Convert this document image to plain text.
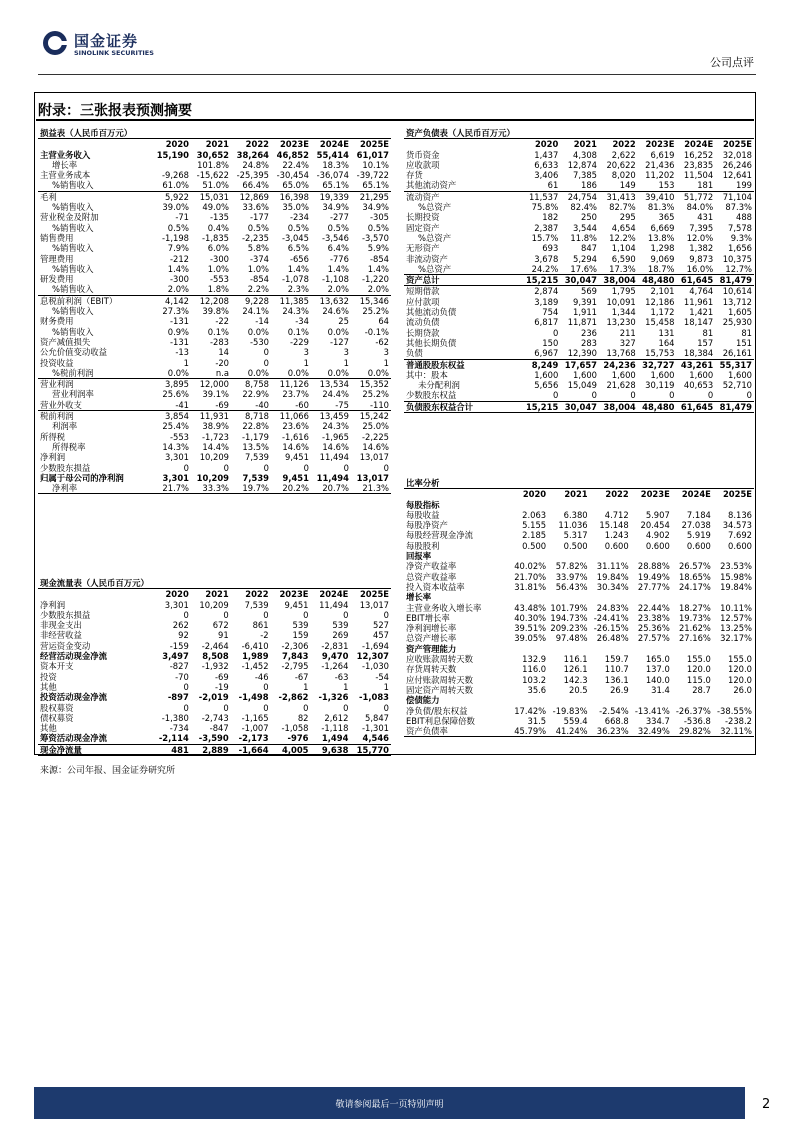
国金证券
SINOLINK SECURITIES
公司点评
附录：三张报表预测摘要
损益表（人民币百万元）						
	2020	2021	2022	2023E	2024E	2025E
主营业务收入	15,190	30,652	38,264	46,852	55,414	61,017
增长率		101.8%	24.8%	22.4%	18.3%	10.1%
主营业务成本	-9,268	-15,622	-25,395	-30,454	-36,074	-39,722
%销售收入	61.0%	51.0%	66.4%	65.0%	65.1%	65.1%
毛利	5,922	15,031	12,869	16,398	19,339	21,295
%销售收入	39.0%	49.0%	33.6%	35.0%	34.9%	34.9%
营业税金及附加	-71	-135	-177	-234	-277	-305
%销售收入	0.5%	0.4%	0.5%	0.5%	0.5%	0.5%
销售费用	-1,198	-1,835	-2,235	-3,045	-3,546	-3,570
%销售收入	7.9%	6.0%	5.8%	6.5%	6.4%	5.9%
管理费用	-212	-300	-374	-656	-776	-854
%销售收入	1.4%	1.0%	1.0%	1.4%	1.4%	1.4%
研发费用	-300	-553	-854	-1,078	-1,108	-1,220
%销售收入	2.0%	1.8%	2.2%	2.3%	2.0%	2.0%
息税前利润（EBIT）	4,142	12,208	9,228	11,385	13,632	15,346
%销售收入	27.3%	39.8%	24.1%	24.3%	24.6%	25.2%
财务费用	-131	-22	-14	-34	25	64
%销售收入	0.9%	0.1%	0.0%	0.1%	0.0%	-0.1%
资产减值损失	-131	-283	-530	-229	-127	-62
公允价值变动收益	-13	14	0	3	3	3
投资收益	1	-20	0	1	1	1
%税前利润	0.0%	n.a	0.0%	0.0%	0.0%	0.0%
营业利润	3,895	12,000	8,758	11,126	13,534	15,352
营业利润率	25.6%	39.1%	22.9%	23.7%	24.4%	25.2%
营业外收支	-41	-69	-40	-60	-75	-110
税前利润	3,854	11,931	8,718	11,066	13,459	15,242
利润率	25.4%	38.9%	22.8%	23.6%	24.3%	25.0%
所得税	-553	-1,723	-1,179	-1,616	-1,965	-2,225
所得税率	14.3%	14.4%	13.5%	14.6%	14.6%	14.6%
净利润	3,301	10,209	7,539	9,451	11,494	13,017
少数股东损益	0	0	0	0	0	0
归属于母公司的净利润	3,301	10,209	7,539	9,451	11,494	13,017
净利率	21.7%	33.3%	19.7%	20.2%	20.7%	21.3%
资产负债表（人民币百万元）						
	2020	2021	2022	2023E	2024E	2025E
货币资金	1,437	4,308	2,622	6,619	16,252	32,018
应收款项	6,633	12,874	20,622	21,436	23,835	26,246
存货	3,406	7,385	8,020	11,202	11,504	12,641
其他流动资产	61	186	149	153	181	199
流动资产	11,537	24,754	31,413	39,410	51,772	71,104
%总资产	75.8%	82.4%	82.7%	81.3%	84.0%	87.3%
长期投资	182	250	295	365	431	488
固定资产	2,387	3,544	4,654	6,669	7,395	7,578
%总资产	15.7%	11.8%	12.2%	13.8%	12.0%	9.3%
无形资产	693	847	1,104	1,298	1,382	1,656
非流动资产	3,678	5,294	6,590	9,069	9,873	10,375
%总资产	24.2%	17.6%	17.3%	18.7%	16.0%	12.7%
资产总计	15,215	30,047	38,004	48,480	61,645	81,479
短期借款	2,874	569	1,795	2,101	4,764	10,614
应付款项	3,189	9,391	10,091	12,186	11,961	13,712
其他流动负债	754	1,911	1,344	1,172	1,421	1,605
流动负债	6,817	11,871	13,230	15,458	18,147	25,930
长期贷款	0	236	211	131	81	81
其他长期负债	150	283	327	164	157	151
负债	6,967	12,390	13,768	15,753	18,384	26,161
普通股股东权益	8,249	17,657	24,236	32,727	43,261	55,317
其中：股本	1,600	1,600	1,600	1,600	1,600	1,600
未分配利润	5,656	15,049	21,628	30,119	40,653	52,710
少数股东权益	0	0	0	0	0	0
负债股东权益合计	15,215	30,047	38,004	48,480	61,645	81,479
比率分析						
	2020	2021	2022	2023E	2024E	2025E
每股指标						
每股收益	2.063	6.380	4.712	5.907	7.184	8.136
每股净资产	5.155	11.036	15.148	20.454	27.038	34.573
每股经营现金净流	2.185	5.317	1.243	4.902	5.919	7.692
每股股利	0.500	0.500	0.600	0.600	0.600	0.600
回报率						
净资产收益率	40.02%	57.82%	31.11%	28.88%	26.57%	23.53%
总资产收益率	21.70%	33.97%	19.84%	19.49%	18.65%	15.98%
投入资本收益率	31.81%	56.43%	30.34%	27.77%	24.17%	19.84%
增长率						
主营业务收入增长率	43.48%	101.79%	24.83%	22.44%	18.27%	10.11%
EBIT增长率	40.30%	194.73%	-24.41%	23.38%	19.73%	12.57%
净利润增长率	39.51%	209.23%	-26.15%	25.36%	21.62%	13.25%
总资产增长率	39.05%	97.48%	26.48%	27.57%	27.16%	32.17%
资产管理能力						
应收账款周转天数	132.9	116.1	159.7	165.0	155.0	155.0
存货周转天数	116.0	126.1	110.7	137.0	120.0	120.0
应付账款周转天数	103.2	142.3	136.1	140.0	115.0	120.0
固定资产周转天数	35.6	20.5	26.9	31.4	28.7	26.0
偿债能力						
净负债/股东权益	17.42%	-19.83%	-2.54%	-13.41%	-26.37%	-38.55%
EBIT利息保障倍数	31.5	559.4	668.8	334.7	-536.8	-238.2
资产负债率	45.79%	41.24%	36.23%	32.49%	29.82%	32.11%
现金流量表（人民币百万元）						
	2020	2021	2022	2023E	2024E	2025E
净利润	3,301	10,209	7,539	9,451	11,494	13,017
少数股东损益	0	0	0	0	0	0
非现金支出	262	672	861	539	539	527
非经营收益	92	91	-2	159	269	457
营运资金变动	-159	-2,464	-6,410	-2,306	-2,831	-1,694
经营活动现金净流	3,497	8,508	1,989	7,843	9,470	12,307
资本开支	-827	-1,932	-1,452	-2,795	-1,264	-1,030
投资	-70	-69	-46	-67	-63	-54
其他	0	-19	0	1	1	1
投资活动现金净流	-897	-2,019	-1,498	-2,862	-1,326	-1,083
股权募资	0	0	0	0	0	0
债权募资	-1,380	-2,743	-1,165	82	2,612	5,847
其他	-734	-847	-1,007	-1,058	-1,118	-1,301
筹资活动现金净流	-2,114	-3,590	-2,173	-976	1,494	4,546
现金净流量	481	2,889	-1,664	4,005	9,638	15,770
来源：公司年报、国金证券研究所
敬请参阅最后一页特别声明	2
